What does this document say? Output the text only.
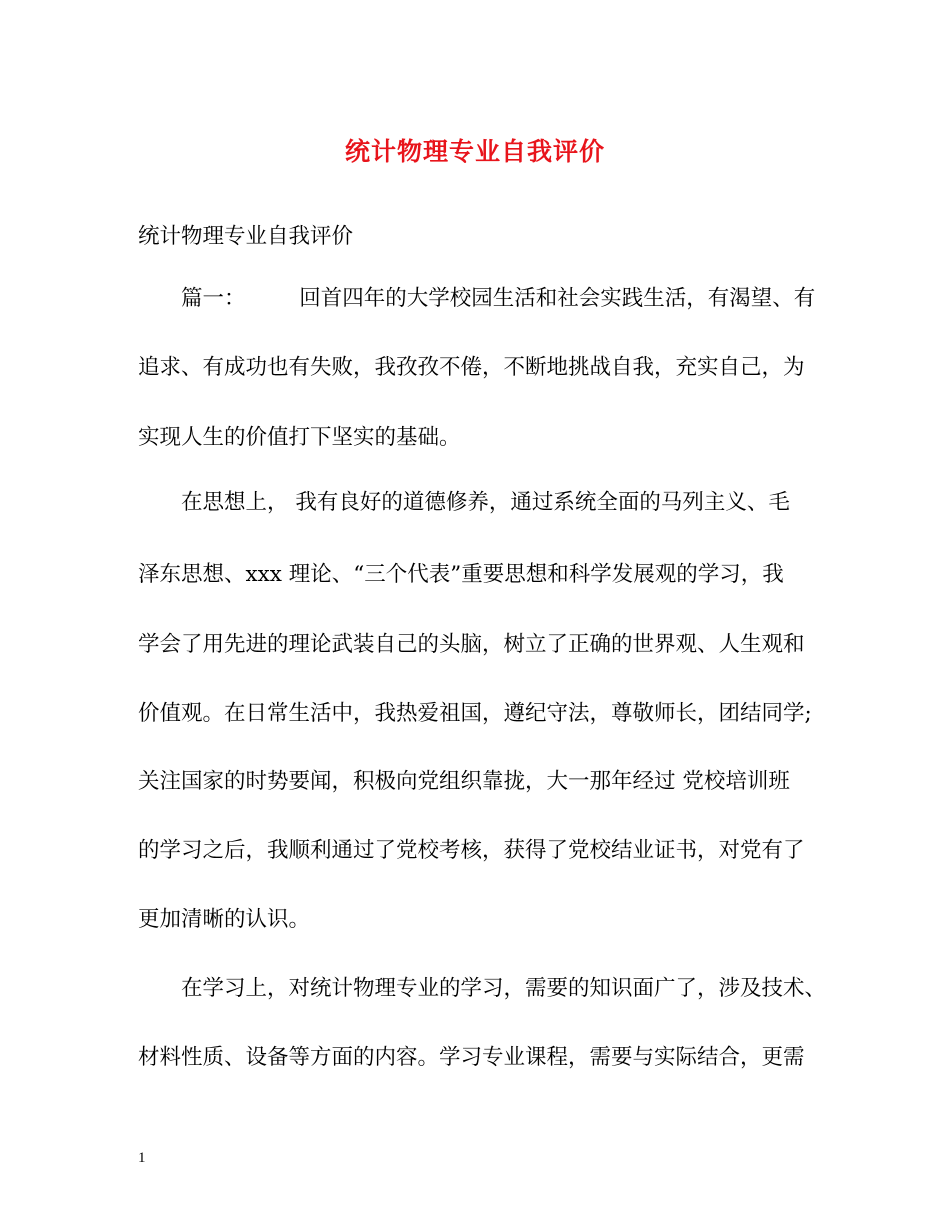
统计物理专业自我评价
统计物理专业自我评价
篇一：　　　回首四年的大学校园生活和社会实践生活，有渴望、有
追求、有成功也有失败，我孜孜不倦，不断地挑战自我，充实自己，为
实现人生的价值打下坚实的基础。
在思想上， 我有良好的道德修养，通过系统全面的马列主义、毛
泽东思想、xxx 理论、“三个代表”重要思想和科学发展观的学习，我
学会了用先进的理论武装自己的头脑，树立了正确的世界观、人生观和
价值观。在日常生活中，我热爱祖国，遵纪守法，尊敬师长，团结同学;
关注国家的时势要闻，积极向党组织靠拢，大一那年经过 党校培训班
的学习之后，我顺利通过了党校考核，获得了党校结业证书，对党有了
更加清晰的认识。
在学习上，对统计物理专业的学习，需要的知识面广了，涉及技术、
材料性质、设备等方面的内容。学习专业课程，需要与实际结合，更需
1
